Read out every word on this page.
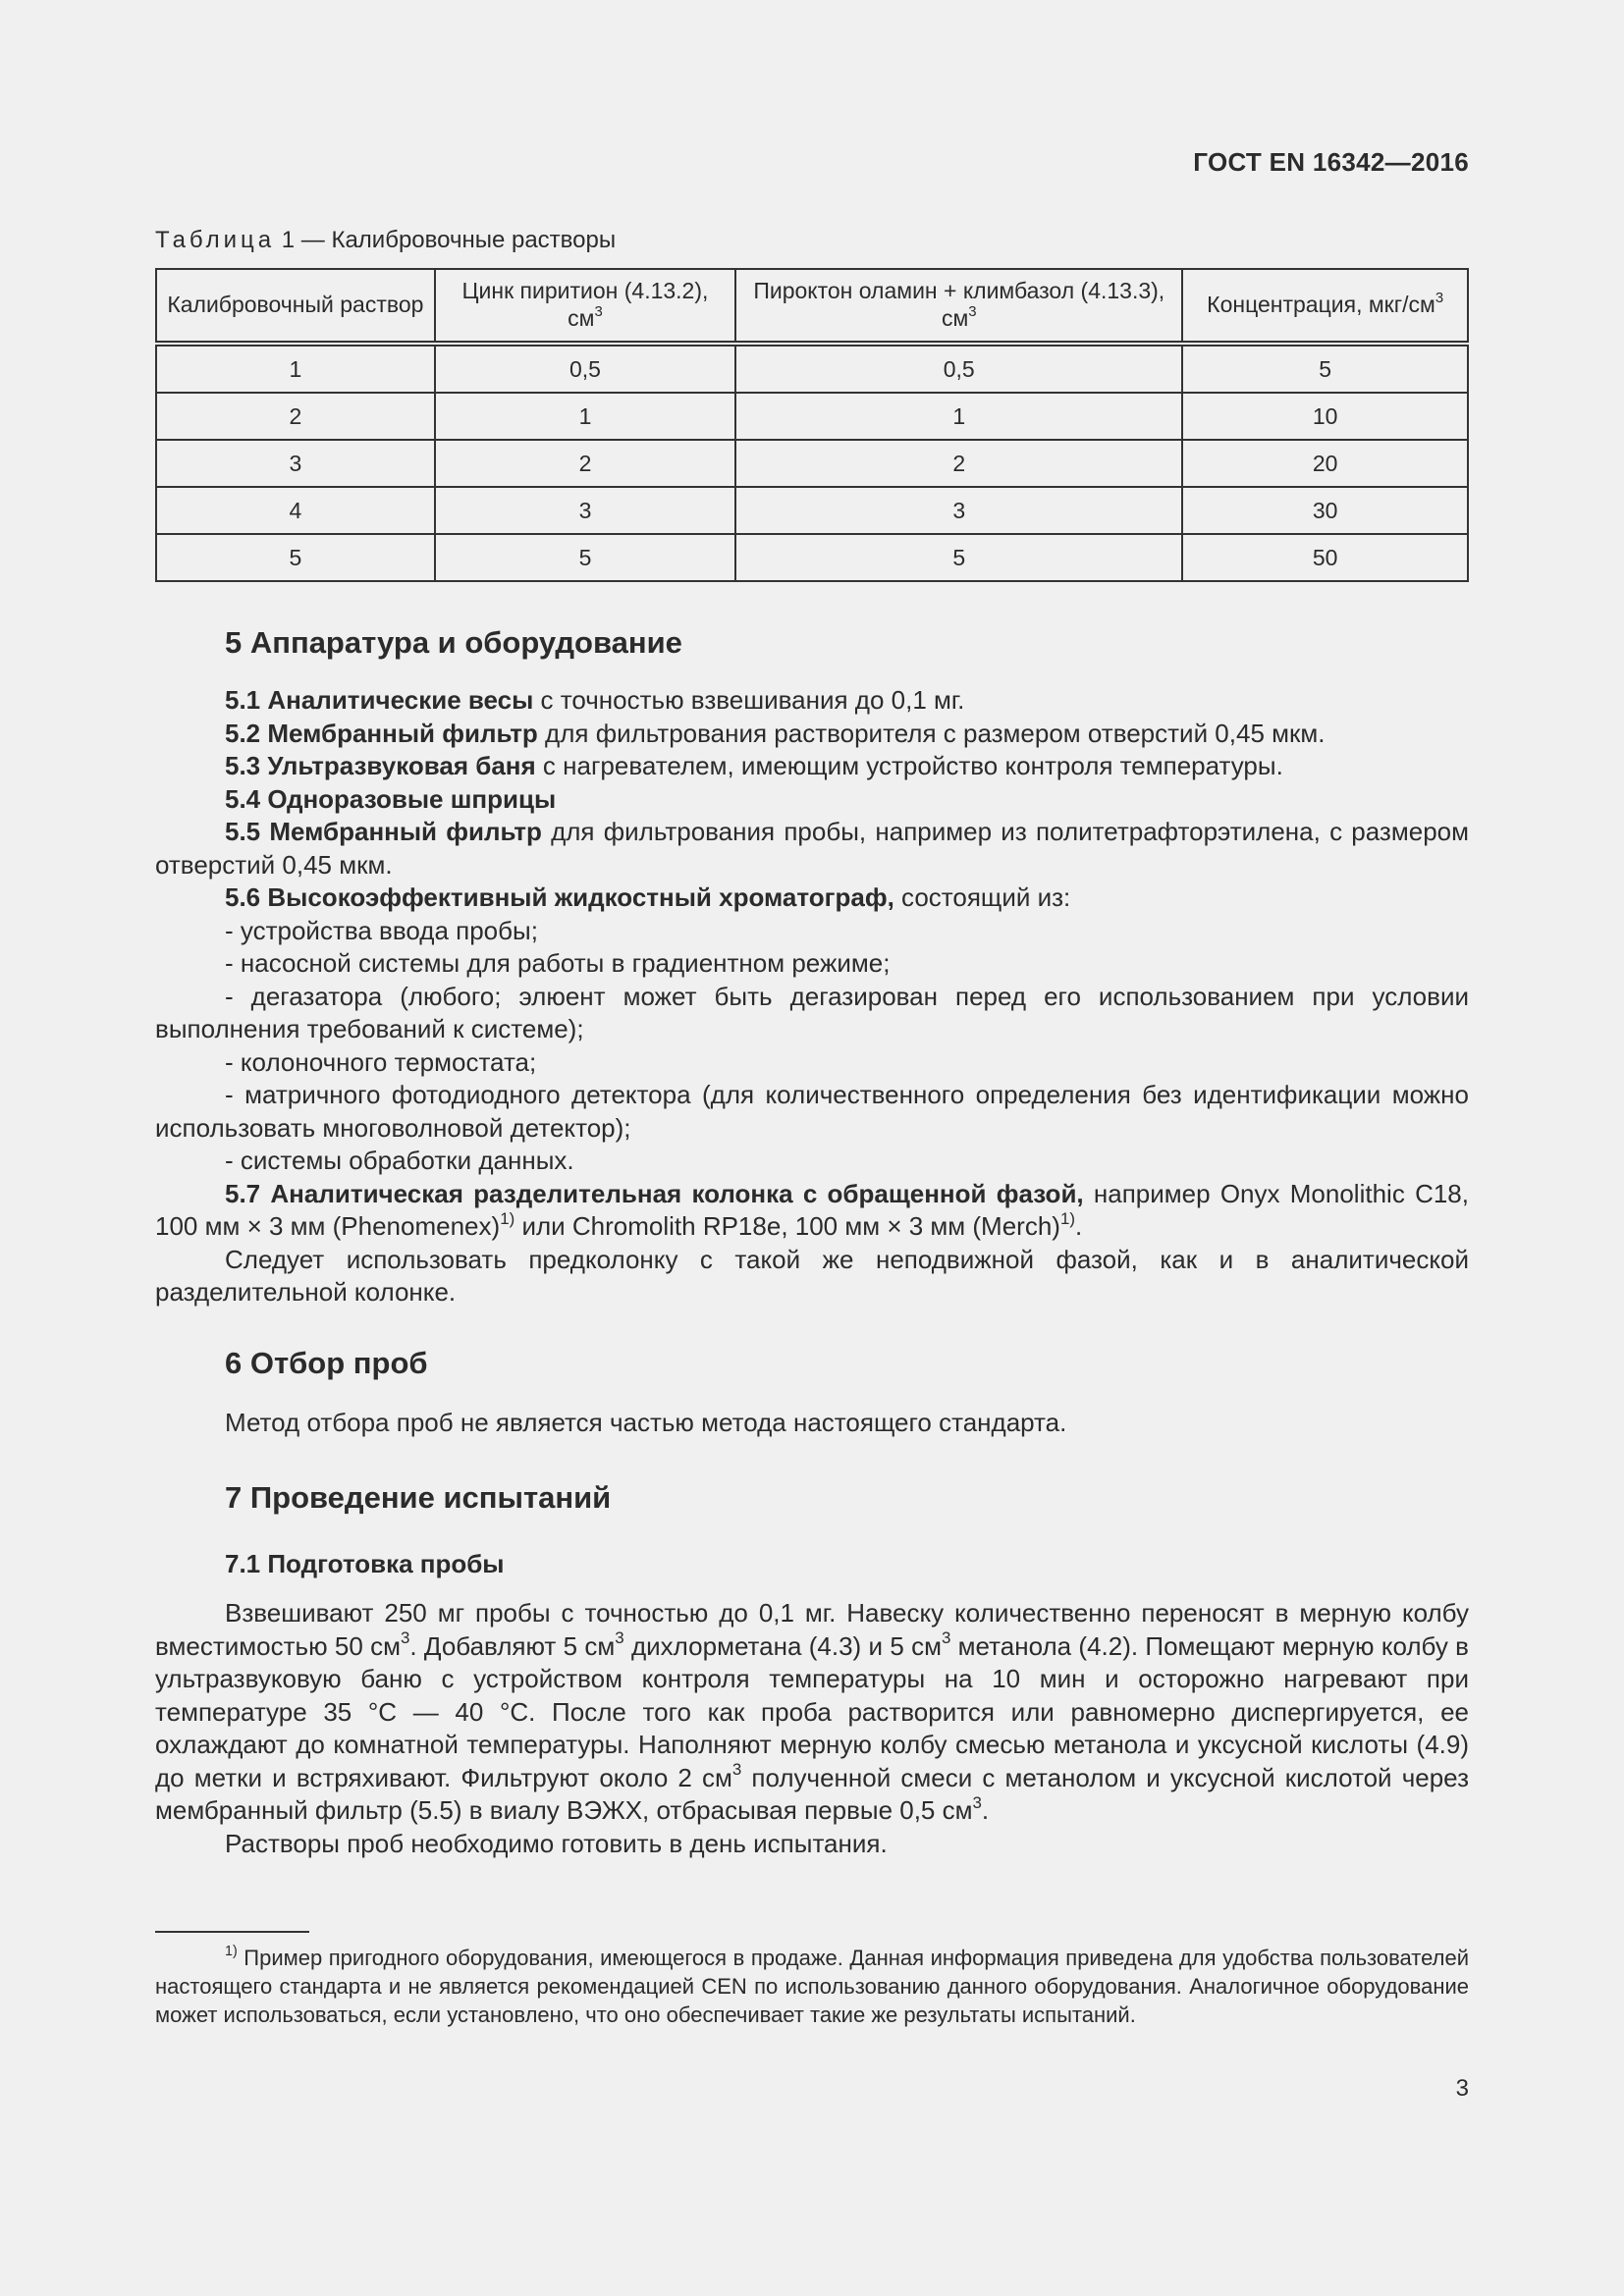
ГОСТ EN 16342—2016
Таблица 1 — Калибровочные растворы
Калибровочный раствор	Цинк пиритион (4.13.2), $см^3$	Пироктон оламин + климбазол (4.13.3), $см^3$	Концентрация, мкг/$см^3$
1	0,5	0,5	5
2	1	1	10
3	2	2	20
4	3	3	30
5	5	5	50
5 Аппаратура и оборудование

5.1 Аналитические весы с точностью взвешивания до 0,1 мг.

5.2 Мембранный фильтр для фильтрования растворителя с размером отверстий 0,45 мкм.

5.3 Ультразвуковая баня с нагревателем, имеющим устройство контроля температуры.

5.4 Одноразовые шприцы

5.5 Мембранный фильтр для фильтрования пробы, например из политетрафторэтилена, с размером отверстий 0,45 мкм.

5.6 Высокоэффективный жидкостный хроматограф, состоящий из:

- устройства ввода пробы;

- насосной системы для работы в градиентном режиме;

- дегазатора (любого; элюент может быть дегазирован перед его использованием при условии выполнения требований к системе);

- колоночного термостата;

- матричного фотодиодного детектора (для количественного определения без идентификации можно использовать многоволновой детектор);

- системы обработки данных.

5.7 Аналитическая разделительная колонка с обращенной фазой, например Onyx Monolithic C18, 100 мм × 3 мм (Phenomenex)$^{1)}$ или Chromolith RP18e, 100 мм × 3 мм (Merch)$^{1)}$.

Следует использовать предколонку с такой же неподвижной фазой, как и в аналитической разделительной колонке.

6 Отбор проб

Метод отбора проб не является частью метода настоящего стандарта.

7 Проведение испытаний
7.1 Подготовка пробы

Взвешивают 250 мг пробы с точностью до 0,1 мг. Навеску количественно переносят в мерную колбу вместимостью 50 $см^3$. Добавляют 5 $см^3$ дихлорметана (4.3) и 5 $см^3$ метанола (4.2). Помещают мерную колбу в ультразвуковую баню с устройством контроля температуры на 10 мин и осторожно нагревают при температуре 35 °С — 40 °С. После того как проба растворится или равномерно диспергируется, ее охлаждают до комнатной температуры. Наполняют мерную колбу смесью метанола и уксусной кислоты (4.9) до метки и встряхивают. Фильтруют около 2 $см^3$ полученной смеси с метанолом и уксусной кислотой через мембранный фильтр (5.5) в виалу ВЭЖХ, отбрасывая первые 0,5 $см^3$.

Растворы проб необходимо готовить в день испытания.

$^{1)}$ Пример пригодного оборудования, имеющегося в продаже. Данная информация приведена для удобства пользователей настоящего стандарта и не является рекомендацией CEN по использованию данного оборудования. Аналогичное оборудование может использоваться, если установлено, что оно обеспечивает такие же результаты испытаний.
3
